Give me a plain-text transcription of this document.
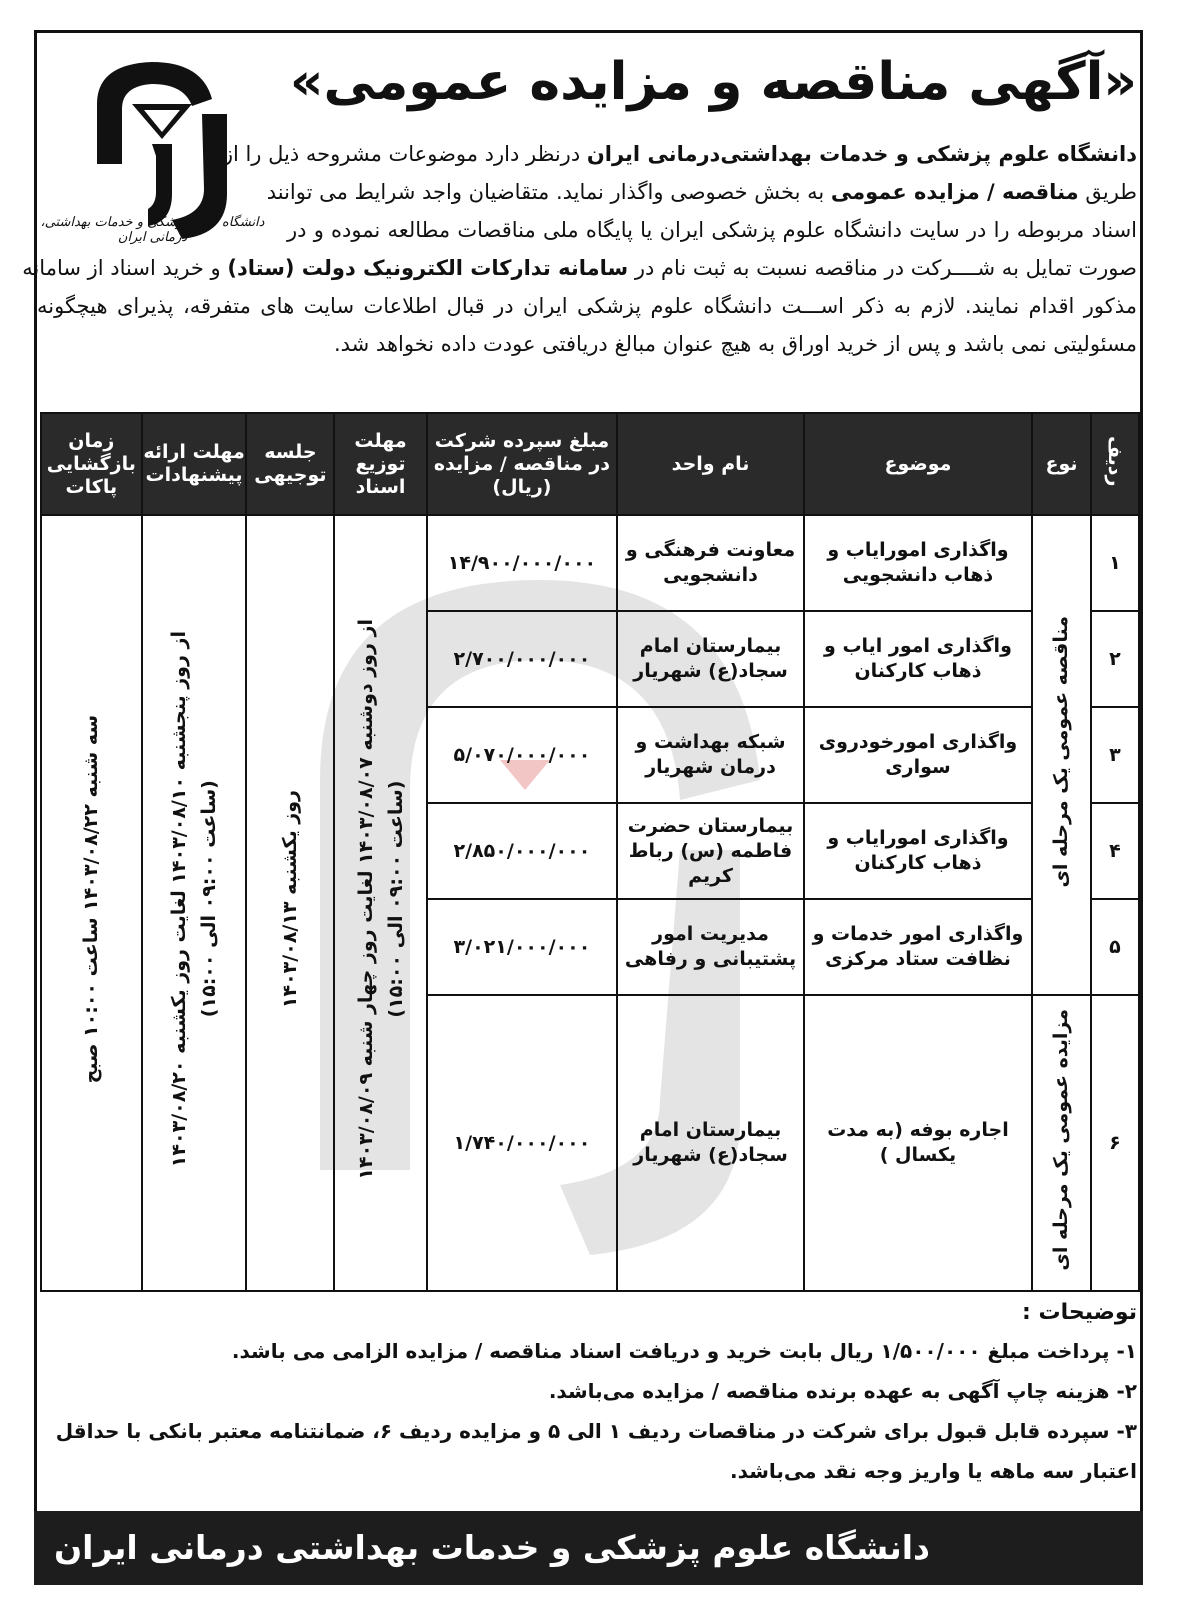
دانشگاه علوم پزشکی و خدمات بهداشتی، درمانی ایران
«آگهی مناقصه و مزایده عمومی»
دانشگاه علوم پزشکی و خدمات بهداشتی‌درمانی ایران درنظر دارد موضوعات مشروحه ذیل را از
طریق مناقصه / مزایده عمومی به بخش خصوصی واگذار نماید. متقاضیان واجد شرایط می توانند
اسناد مربوطه را در سایت دانشگاه علوم پزشکی ایران یا پایگاه ملی مناقصات مطالعه نموده و در
صورت تمایل به شــــرکت در مناقصه نسبت به ثبت نام در سامانه تدارکات الکترونیک دولت (ستاد) و خرید اسناد از سامانه
مذکور اقدام نمایند. لازم به ذکر اســـت دانشگاه علوم پزشکی ایران در قبال اطلاعات سایت های متفرقه، پذیرای هیچگونه
مسئولیتی نمی باشد و پس از خرید اوراق به هیچ عنوان مبالغ دریافتی عودت داده نخواهد شد.
ردیف	نوع	موضوع	نام واحد	مبلغ سپرده شرکت در مناقصه / مزایده (ریال)	مهلت توزیع اسناد	جلسه توجیهی	مهلت ارائه پیشنهادات	زمان بازگشایی پاکات
۱	مناقصه عمومی یک مرحله ای	واگذاری اموراياب و ذهاب دانشجویی	معاونت فرهنگی و دانشجویی	۱۴/۹۰۰/۰۰۰/۰۰۰	از روز دوشنبه ۱۴۰۳/۰۸/۰۷ لغایت روز چهار شنبه ۱۴۰۳/۰۸/۰۹
(ساعت ۰۹:۰۰ الی ۱۵:۰۰)	روز یکشنبه ۱۴۰۳/۰۸/۱۳	از روز پنجشنبه ۱۴۰۳/۰۸/۱۰ لغایت روز یکشنبه ۱۴۰۳/۰۸/۲۰
(ساعت ۰۹:۰۰ الی ۱۵:۰۰)	سه شنبه ۱۴۰۳/۰۸/۲۲ ساعت ۱۰:۰۰ صبح
۲		واگذاری امور ایاب و ذهاب کارکنان	بیمارستان امام سجاد(ع) شهریار	۲/۷۰۰/۰۰۰/۰۰۰				
۳		واگذاری امورخودروی سواری	شبکه بهداشت و درمان شهریار	۵/۰۷۰/۰۰۰/۰۰۰				
۴		واگذاری اموراياب و ذهاب کارکنان	بیمارستان حضرت فاطمه (س) رباط کریم	۲/۸۵۰/۰۰۰/۰۰۰				
۵		واگذاری امور خدمات و نظافت ستاد مرکزی	مدیریت امور پشتیبانی و رفاهی	۳/۰۲۱/۰۰۰/۰۰۰				
۶	مزایده عمومی یک مرحله ای	اجاره بوفه (به مدت یکسال )	بیمارستان امام سجاد(ع) شهریار	۱/۷۴۰/۰۰۰/۰۰۰				
توضیحات :
۱- پرداخت مبلغ ۱/۵۰۰/۰۰۰ ریال بابت خرید و دریافت اسناد مناقصه / مزایده الزامی می باشد.
۲- هزینه چاپ آگهی به عهده برنده مناقصه / مزایده می‌باشد.
۳- سپرده قابل قبول برای شرکت در مناقصات ردیف ۱ الی ۵ و مزایده ردیف ۶، ضمانتنامه معتبر بانکی با حداقل
اعتبار سه ماهه یا واریز وجه نقد می‌باشد.
دانشگاه علوم پزشکی و خدمات بهداشتی درمانی ایران
